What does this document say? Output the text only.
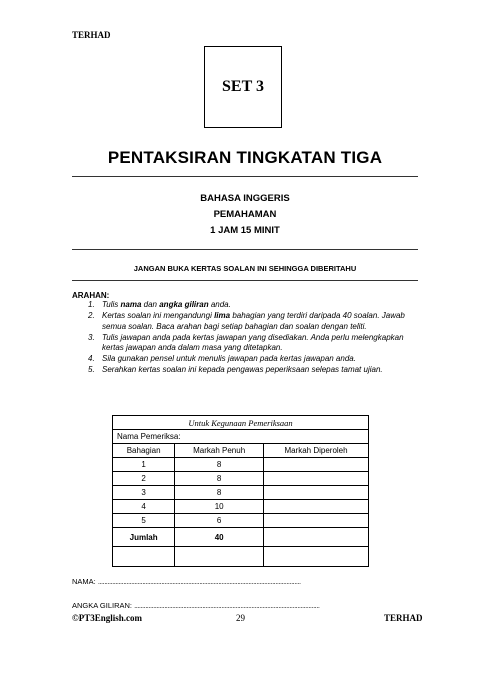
TERHAD
SET 3
PENTAKSIRAN TINGKATAN TIGA
BAHASA INGGERIS
PEMAHAMAN
1 JAM 15 MINIT
JANGAN BUKA KERTAS SOALAN INI SEHINGGA DIBERITAHU
ARAHAN:
1. Tulis nama dan angka giliran anda.
2. Kertas soalan ini mengandungi lima bahagian yang terdiri daripada 40 soalan. Jawab semua soalan. Baca arahan bagi setiap bahagian dan soalan dengan teliti.
3. Tulis jawapan anda pada kertas jawapan yang disediakan. Anda perlu melengkapkan kertas jawapan anda dalam masa yang ditetapkan.
4. Sila gunakan pensel untuk menulis jawapan pada kertas jawapan anda.
5. Serahkan kertas soalan ini kepada pengawas peperiksaan selepas tamat ujian.
Untuk Kegunaan Pemeriksaan		
Nama Pemeriksa:		
Bahagian	Markah Penuh	Markah Diperoleh
1	8	
2	8	
3	8	
4	10	
5	6	
Jumlah	40	

NAMA: ................................................................................................................................
ANGKA GILIRAN: .....................................................................................................................
©PT3English.com	29	TERHAD
